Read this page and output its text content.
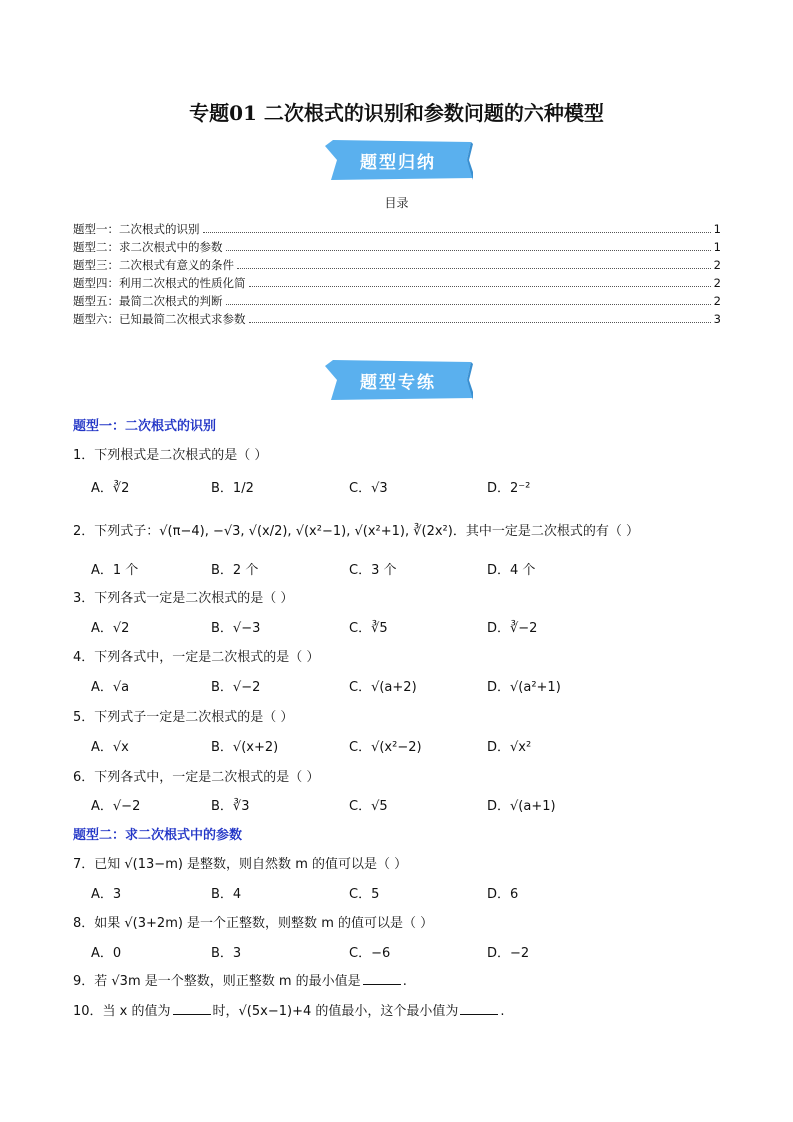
专题01 二次根式的识别和参数问题的六种模型
题型归纳
目录
题型一：二次根式的识别	1
题型二：求二次根式中的参数	1
题型三：二次根式有意义的条件	2
题型四：利用二次根式的性质化简	2
题型五：最简二次根式的判断	2
题型六：已知最简二次根式求参数	3
题型专练
题型一：二次根式的识别
1．下列根式是二次根式的是（ ）
A．∛2	B．1/2	C．√3	D．2⁻²
2．下列式子：√(π−4), −√3, √(x/2), √(x²−1), √(x²+1), ∛(2x²)．其中一定是二次根式的有（ ）
A．1 个	B．2 个	C．3 个	D．4 个
3．下列各式一定是二次根式的是（ ）
A．√2	B．√−3	C．∛5	D．∛−2
4．下列各式中，一定是二次根式的是（ ）
A．√a	B．√−2	C．√(a+2)	D．√(a²+1)
5．下列式子一定是二次根式的是（ ）
A．√x	B．√(x+2)	C．√(x²−2)	D．√x²
6．下列各式中，一定是二次根式的是（ ）
A．√−2	B．∛3	C．√5	D．√(a+1)
题型二：求二次根式中的参数
7．已知 √(13−m) 是整数，则自然数 m 的值可以是（ ）
A．3	B．4	C．5	D．6
8．如果 √(3+2m) 是一个正整数，则整数 m 的值可以是（ ）
A．0	B．3	C．−6	D．−2
9．若 √3m 是一个整数，则正整数 m 的最小值是	.
10．当 x 的值为	时，√(5x−1)+4 的值最小，这个最小值为	.
